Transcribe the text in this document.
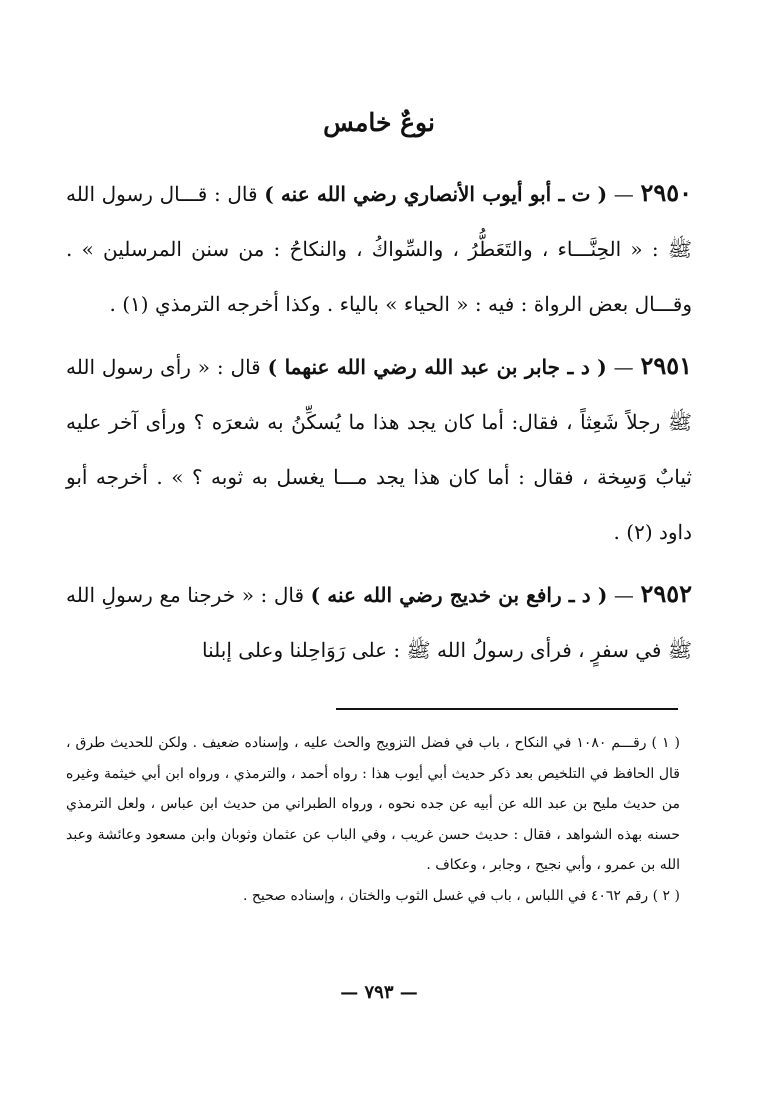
نوعٌ خامس

٢٩٥٠ — ( ت ـ أبو أيوب الأنصاري رضي الله عنه ) قال : قـــال رسول الله ﷺ : « الحِنَّـــاء ، والتَعَطُّرُ ، والسِّواكُ ، والنكاحُ : من سنن المرسلين » . وقـــال بعض الرواة : فيه : « الحياء » بالياء . وكذا أخرجه الترمذي (١) .

٢٩٥١ — ( د ـ جابر بن عبد الله رضي الله عنهما ) قال : « رأى رسول الله ﷺ رجلاً شَعِثاً ، فقال: أما كان يجد هذا ما يُسكِّنُ به شعرَه ؟ ورأى آخر عليه ثيابٌ وَسِخة ، فقال : أما كان هذا يجد مـــا يغسل به ثوبه ؟ » . أخرجه أبو داود (٢) .

٢٩٥٢ — ( د ـ رافع بن خديج رضي الله عنه ) قال : « خرجنا مع رسولِ الله ﷺ في سفرٍ ، فرأى رسولُ الله ﷺ : على رَوَاحِلنا وعلى إبلنا

( ١ ) رقـــم ١٠٨٠ في النكاح ، باب في فضل التزويج والحث عليه ، وإسناده ضعيف . ولكن للحديث طرق ، قال الحافظ في التلخيص بعد ذكر حديث أبي أيوب هذا : رواه أحمد ، والترمذي ، ورواه ابن أبي خيثمة وغيره من حديث مليح بن عبد الله عن أبيه عن جده نحوه ، ورواه الطبراني من حديث ابن عباس ، ولعل الترمذي حسنه بهذه الشواهد ، فقال : حديث حسن غريب ، وفي الباب عن عثمان وثوبان وابن مسعود وعائشة وعبد الله بن عمرو ، وأبي نجيح ، وجابر ، وعكاف .

( ٢ ) رقم ٤٠٦٢ في اللباس ، باب في غسل الثوب والختان ، وإسناده صحيح .

— ٧٩٣ —
